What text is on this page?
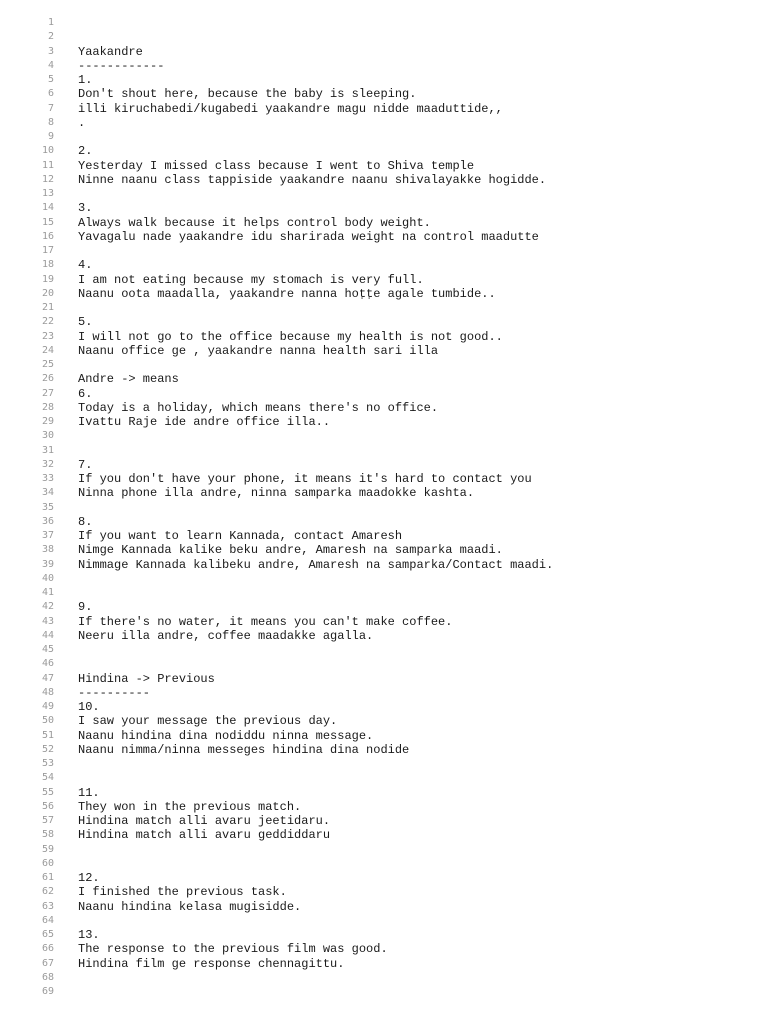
1
2
3 Yaakandre
4 ------------
5 1.
6 Don't shout here, because the baby is sleeping.
7 illi kiruchabedi/kugabedi yaakandre magu nidde maaduttide,,
8 .
9
10 2.
11 Yesterday I missed class because I went to Shiva temple
12 Ninne naanu class tappiside yaakandre naanu shivalayakke hogidde.
13
14 3.
15 Always walk because it helps control body weight.
16 Yavagalu nade yaakandre idu sharirada weight na control maadutte
17
18 4.
19 I am not eating because my stomach is very full.
20 Naanu oota maadalla, yaakandre nanna hoṭṭe agale tumbide..
21
22 5.
23 I will not go to the office because my health is not good..
24 Naanu office ge , yaakandre nanna health sari illa
25
26 Andre -> means
27 6.
28 Today is a holiday, which means there's no office.
29 Ivattu Raje ide andre office illa..
30
31
32 7.
33 If you don't have your phone, it means it's hard to contact you
34 Ninna phone illa andre, ninna samparka maadokke kashta.
35
36 8.
37 If you want to learn Kannada, contact Amaresh
38 Nimge Kannada kalike beku andre, Amaresh na samparka maadi.
39 Nimmage Kannada kalibeku andre, Amaresh na samparka/Contact maadi.
40
41
42 9.
43 If there's no water, it means you can't make coffee.
44 Neeru illa andre, coffee maadakke agalla.
45
46
47 Hindina -> Previous
48 ----------
49 10.
50 I saw your message the previous day.
51 Naanu hindina dina nodiddu ninna message.
52 Naanu nimma/ninna messeges hindina dina nodide
53
54
55 11.
56 They won in the previous match.
57 Hindina match alli avaru jeetidaru.
58 Hindina match alli avaru geddiddaru
59
60
61 12.
62 I finished the previous task.
63 Naanu hindina kelasa mugisidde.
64
65 13.
66 The response to the previous film was good.
67 Hindina film ge response chennagittu.
68
69
